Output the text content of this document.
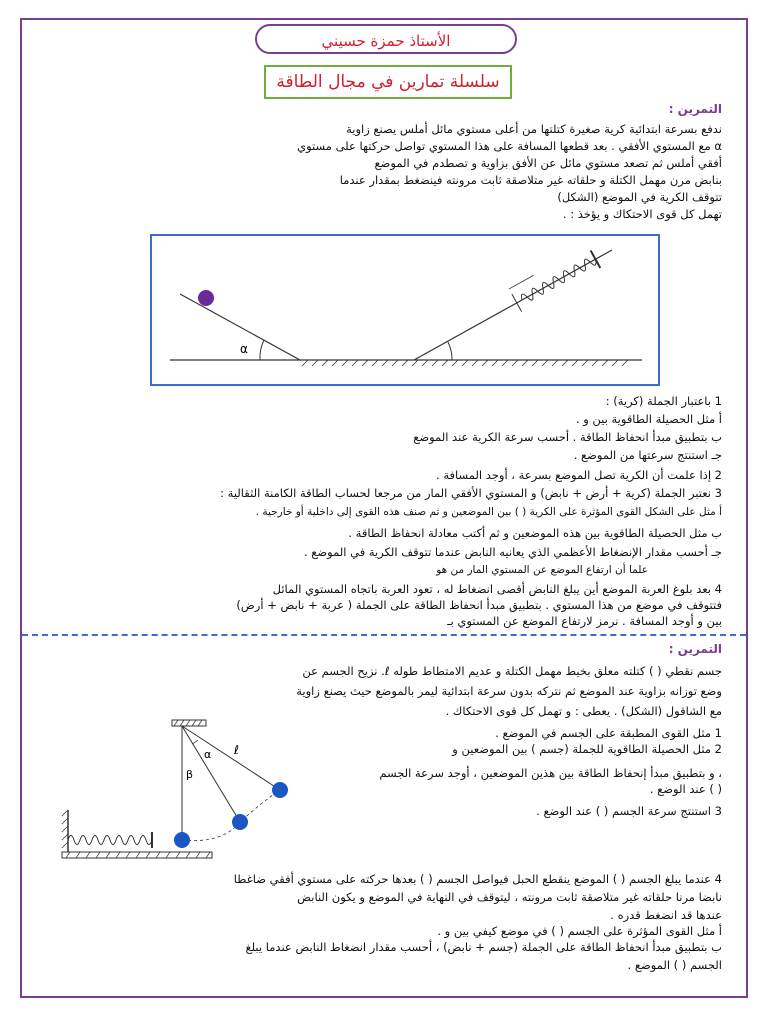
الأستاذ حمزة حسيني
سلسلة تمارين في مجال الطاقة
التمرين :
ندفع بسرعة ابتدائية كرية صغيرة كتلتها من أعلى مستوي مائل أملس يصنع زاوية
α مع المستوي الأفقي . بعد قطعها المسافة على هذا المستوي تواصل حركتها على مستوي
أفقي أملس ثم تصعد مستوي مائل عن الأفق بزاوية و تصطدم في الموضع
بنابض مرن مهمل الكتلة و حلقاته غير متلاصقة ثابت مرونته فينضغط بمقدار عندما
تتوقف الكرية في الموضع (الشكل)
تهمل كل قوى الاحتكاك و يؤخذ : .
α
1 باعتبار الجملة (كرية) :
أ مثل الحصيلة الطاقوية بين و .
ب بتطبيق مبدأ انحفاظ الطاقة . أحسب سرعة الكرية عند الموضع
جـ استنتج سرعتها من الموضع .
2 إذا علمت أن الكرية تصل الموضع بسرعة ، أوجد المسافة .
3 نعتبر الجملة (كرية + أرض + نابض) و المستوي الأفقي المار من مرجعا لحساب الطاقة الكامنة الثقالية :
أ مثل على الشكل القوى المؤثرة على الكرية ( ) بين الموضعين و ثم صنف هذه القوى إلى داخلية أو خارجية .
ب مثل الحصيلة الطاقوية بين هذه الموضعين و ثم أكتب معادلة انحفاظ الطاقة .
جـ أحسب مقدار الإنضغاط الأعظمي الذي يعانيه النابض عندما تتوقف الكرية في الموضع .
علما أن ارتفاع الموضع عن المستوي المار من هو
4 بعد بلوغ العربة الموضع أين يبلغ النابض أقصى انضغاط له ، تعود العربة باتجاه المستوي المائل
فتتوقف في موضع من هذا المستوي . بتطبيق مبدأ انحفاظ الطاقة على الجملة ( عربة + نابض + أرض)
بين و أوجد المسافة . نرمز لارتفاع الموضع عن المستوي بـ
التمرين :
جسم نقطي ( ) كتلته معلق بخيط مهمل الكتلة و عديم الامتطاط طوله ℓ. نزيح الجسم عن
وضع توزانه بزاوية عند الموضع ثم نتركه بدون سرعة ابتدائية ليمر بالموضع حيث يصنع زاوية
مع الشاقول (الشكل) . يعطى : و تهمل كل قوى الاحتكاك .
α
β
ℓ
1 مثل القوى المطبقة على الجسم في الموضع .
2 مثل الحصيلة الطاقوية للجملة (جسم ) بين الموضعين و
، و بتطبيق مبدأ إنحفاظ الطاقة بين هذين الموضعين ، أوجد سرعة الجسم
( ) عند الوضع .
3 استنتج سرعة الجسم ( ) عند الوضع .
4 عندما يبلغ الجسم ( ) الموضع ينقطع الحبل فيواصل الجسم ( ) بعدها حركته على مستوي أفقي ضاغطا
نابضا مرنا حلقاته غير متلاصقة ثابت مرونته ، ليتوقف في النهاية في الموضع و يكون النابض
عندها قد انضغط قدره .
أ مثل القوى المؤثرة على الجسم ( ) في موضع كيفي بين و .
ب بتطبيق مبدأ انحفاظ الطاقة على الجملة (جسم + نابض) ، أحسب مقدار انضغاط النابض عندما يبلغ
الجسم ( ) الموضع .
